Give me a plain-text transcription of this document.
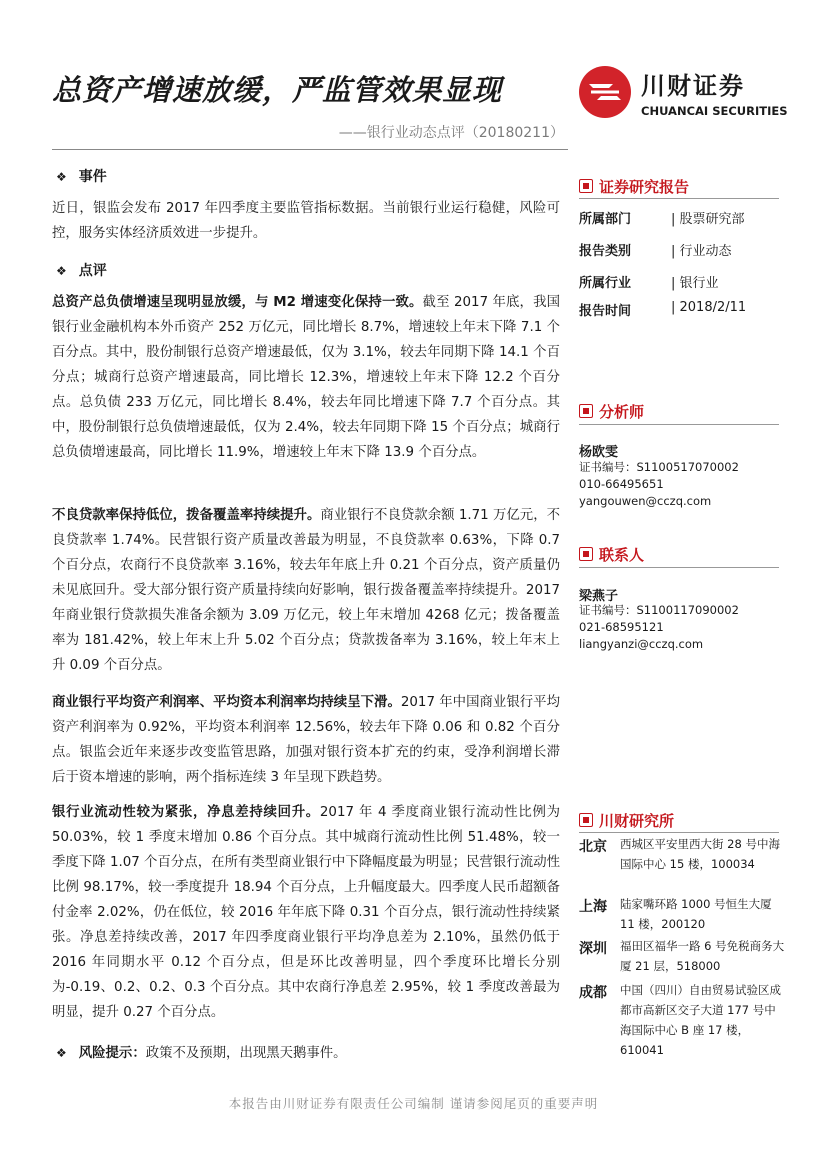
总资产增速放缓，严监管效果显现
——银行业动态点评（20180211）
川财证券
CHUANCAI SECURITIES
❖ 事件
近日，银监会发布 2017 年四季度主要监管指标数据。当前银行业运行稳健，风险可控，服务实体经济质效进一步提升。
❖ 点评
总资产总负债增速呈现明显放缓，与 M2 增速变化保持一致。截至 2017 年底，我国银行业金融机构本外币资产 252 万亿元，同比增长 8.7%，增速较上年末下降 7.1 个百分点。其中，股份制银行总资产增速最低，仅为 3.1%，较去年同期下降 14.1 个百分点；城商行总资产增速最高，同比增长 12.3%，增速较上年末下降 12.2 个百分点。总负债 233 万亿元，同比增长 8.4%，较去年同比增速下降 7.7 个百分点。其中，股份制银行总负债增速最低，仅为 2.4%，较去年同期下降 15 个百分点；城商行总负债增速最高，同比增长 11.9%，增速较上年末下降 13.9 个百分点。
不良贷款率保持低位，拨备覆盖率持续提升。商业银行不良贷款余额 1.71 万亿元，不良贷款率 1.74%。民营银行资产质量改善最为明显，不良贷款率 0.63%，下降 0.7 个百分点，农商行不良贷款率 3.16%，较去年年底上升 0.21 个百分点，资产质量仍未见底回升。受大部分银行资产质量持续向好影响，银行拨备覆盖率持续提升。2017 年商业银行贷款损失准备余额为 3.09 万亿元，较上年末增加 4268 亿元；拨备覆盖率为 181.42%，较上年末上升 5.02 个百分点；贷款拨备率为 3.16%，较上年末上升 0.09 个百分点。
商业银行平均资产利润率、平均资本利润率均持续呈下滑。2017 年中国商业银行平均资产利润率为 0.92%，平均资本利润率 12.56%，较去年下降 0.06 和 0.82 个百分点。银监会近年来逐步改变监管思路，加强对银行资本扩充的约束，受净利润增长滞后于资本增速的影响，两个指标连续 3 年呈现下跌趋势。
银行业流动性较为紧张，净息差持续回升。2017 年 4 季度商业银行流动性比例为 50.03%，较 1 季度末增加 0.86 个百分点。其中城商行流动性比例 51.48%，较一季度下降 1.07 个百分点，在所有类型商业银行中下降幅度最为明显；民营银行流动性比例 98.17%，较一季度提升 18.94 个百分点，上升幅度最大。四季度人民币超额备付金率 2.02%，仍在低位，较 2016 年年底下降 0.31 个百分点，银行流动性持续紧张。净息差持续改善，2017 年四季度商业银行平均净息差为 2.10%，虽然仍低于 2016 年同期水平 0.12 个百分点，但是环比改善明显，四个季度环比增长分别为-0.19、0.2、0.2、0.3 个百分点。其中农商行净息差 2.95%，较 1 季度改善最为明显，提升 0.27 个百分点。
❖ 风险提示：政策不及预期，出现黑天鹅事件。
证券研究报告
所属部门	| 股票研究部
报告类别	| 行业动态
所属行业	| 银行业
报告时间	| 2018/2/11
分析师
杨欧雯
证书编号：S1100517070002
010-66495651
yangouwen@cczq.com
联系人
梁燕子
证书编号：S1100117090002
021-68595121
liangyanzi@cczq.com
川财研究所
北京 西城区平安里西大街 28 号中海国际中心 15 楼，100034
上海 陆家嘴环路 1000 号恒生大厦 11 楼，200120
深圳 福田区福华一路 6 号免税商务大厦 21 层，518000
成都 中国（四川）自由贸易试验区成都市高新区交子大道 177 号中海国际中心 B 座 17 楼，610041
本报告由川财证券有限责任公司编制 谨请参阅尾页的重要声明
